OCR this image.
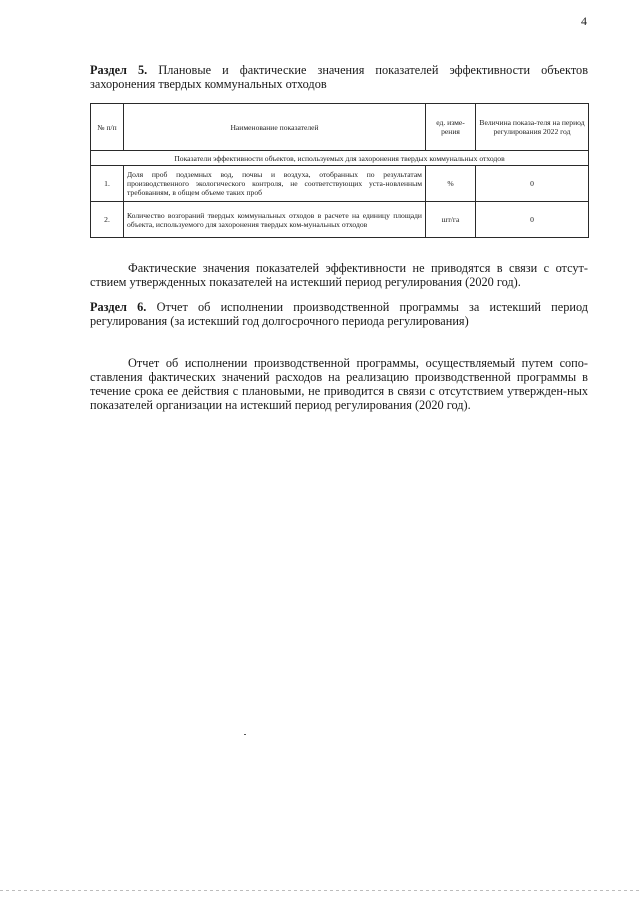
4
Раздел 5. Плановые и фактические значения показателей эффективности объектов захоронения твердых коммунальных отходов
№ п/п	Наименование показателей	ед. изме-рения	Величина показа-теля на период регулирования 2022 год
Показатели эффективности объектов, используемых для захоронения твердых коммунальных отходов			
1.	Доля проб подземных вод, почвы и воздуха, отобранных по результатам производственного экологического контроля, не соответствующих уста-новленным требованиям, в общем объеме таких проб	%	0
2.	Количество возгораний твердых коммунальных отходов в расчете на единицу площади объекта, используемого для захоронения твердых ком-мунальных отходов	шт/га	0
Фактические значения показателей эффективности не приводятся в связи с отсут-ствием утвержденных показателей на истекший период регулирования (2020 год).
Раздел 6. Отчет об исполнении производственной программы за истекший период регулирования (за истекший год долгосрочного периода регулирования)
Отчет об исполнении производственной программы, осуществляемый путем сопо-ставления фактических значений расходов на реализацию производственной программы в течение срока ее действия с плановыми, не приводится в связи с отсутствием утвержден-ных показателей организации на истекший период регулирования (2020 год).
